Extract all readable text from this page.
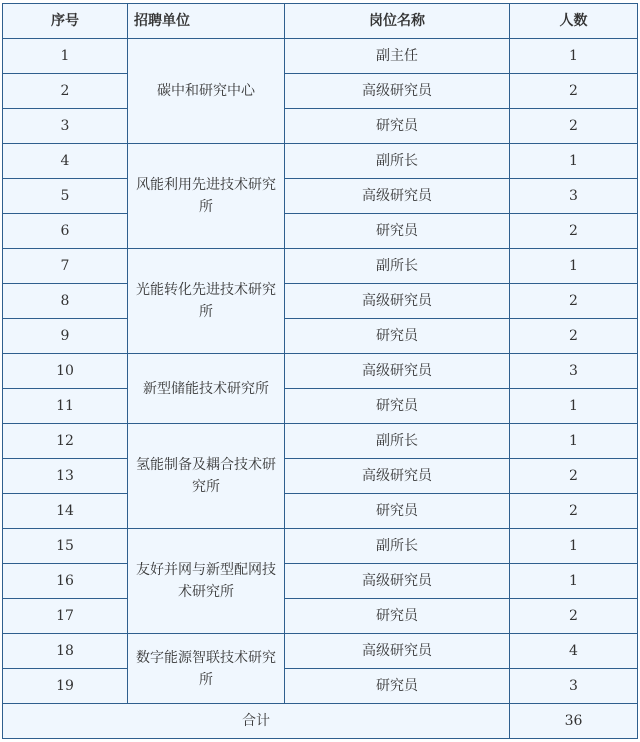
序号	招聘单位	岗位名称	人数
1	碳中和研究中心	副主任	1
2		高级研究员	2
3		研究员	2
4	风能利用先进技术研究所	副所长	1
5		高级研究员	3
6		研究员	2
7	光能转化先进技术研究所	副所长	1
8		高级研究员	2
9		研究员	2
10	新型储能技术研究所	高级研究员	3
11		研究员	1
12	氢能制备及耦合技术研究所	副所长	1
13		高级研究员	2
14		研究员	2
15	友好并网与新型配网技术研究所	副所长	1
16		高级研究员	1
17		研究员	2
18	数字能源智联技术研究所	高级研究员	4
19		研究员	3
合计			36
